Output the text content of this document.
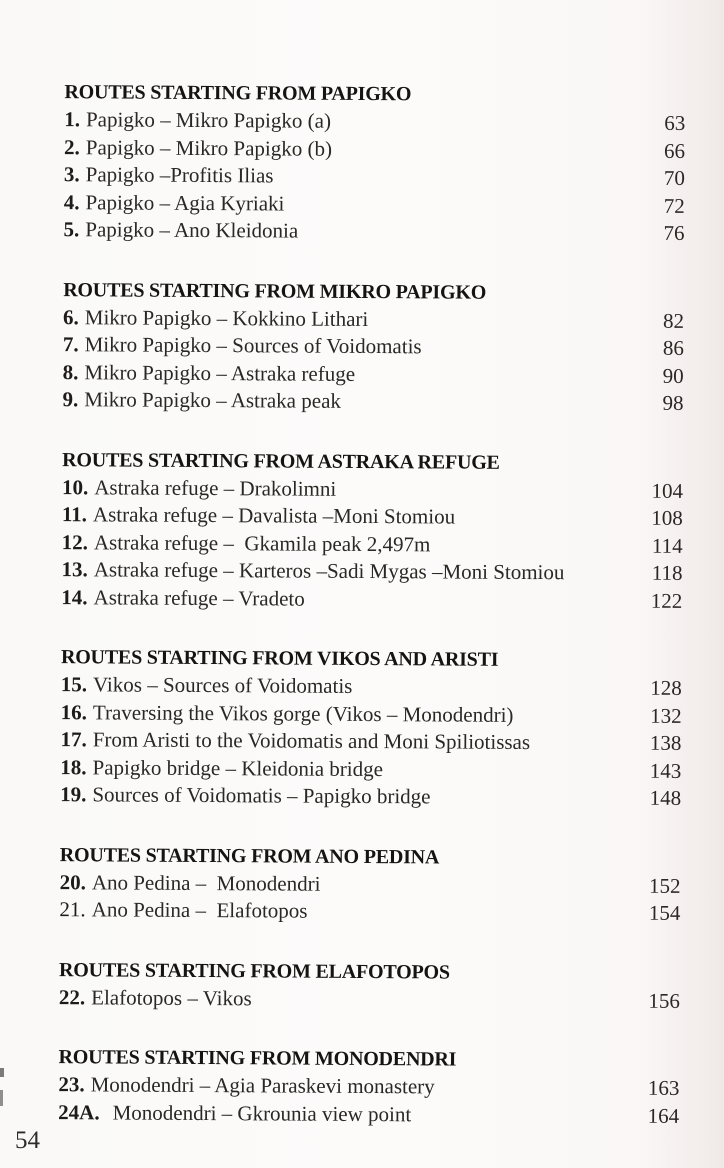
ROUTES STARTING FROM PAPIGKO
1. Papigko – Mikro Papigko (a)	63
2. Papigko – Mikro Papigko (b)	66
3. Papigko –Profitis Ilias	70
4. Papigko – Agia Kyriaki	72
5. Papigko – Ano Kleidonia	76
ROUTES STARTING FROM MIKRO PAPIGKO
6. Mikro Papigko – Kokkino Lithari	82
7. Mikro Papigko – Sources of Voidomatis	86
8. Mikro Papigko – Astraka refuge	90
9. Mikro Papigko – Astraka peak	98
ROUTES STARTING FROM ASTRAKA REFUGE
10. Astraka refuge – Drakolimni	104
11. Astraka refuge – Davalista –Moni Stomiou	108
12. Astraka refuge –  Gkamila peak 2,497m	114
13. Astraka refuge – Karteros –Sadi Mygas –Moni Stomiou	118
14. Astraka refuge – Vradeto	122
ROUTES STARTING FROM VIKOS AND ARISTI
15. Vikos – Sources of Voidomatis	128
16. Traversing the Vikos gorge (Vikos – Monodendri)	132
17. From Aristi to the Voidomatis and Moni Spiliotissas	138
18. Papigko bridge – Kleidonia bridge	143
19. Sources of Voidomatis – Papigko bridge	148
ROUTES STARTING FROM ANO PEDINA
20. Ano Pedina –  Monodendri	152
21. Ano Pedina –  Elafotopos	154
ROUTES STARTING FROM ELAFOTOPOS
22. Elafotopos – Vikos	156
ROUTES STARTING FROM MONODENDRI
23. Monodendri – Agia Paraskevi monastery	163
24A. Monodendri – Gkrounia view point	164
54
